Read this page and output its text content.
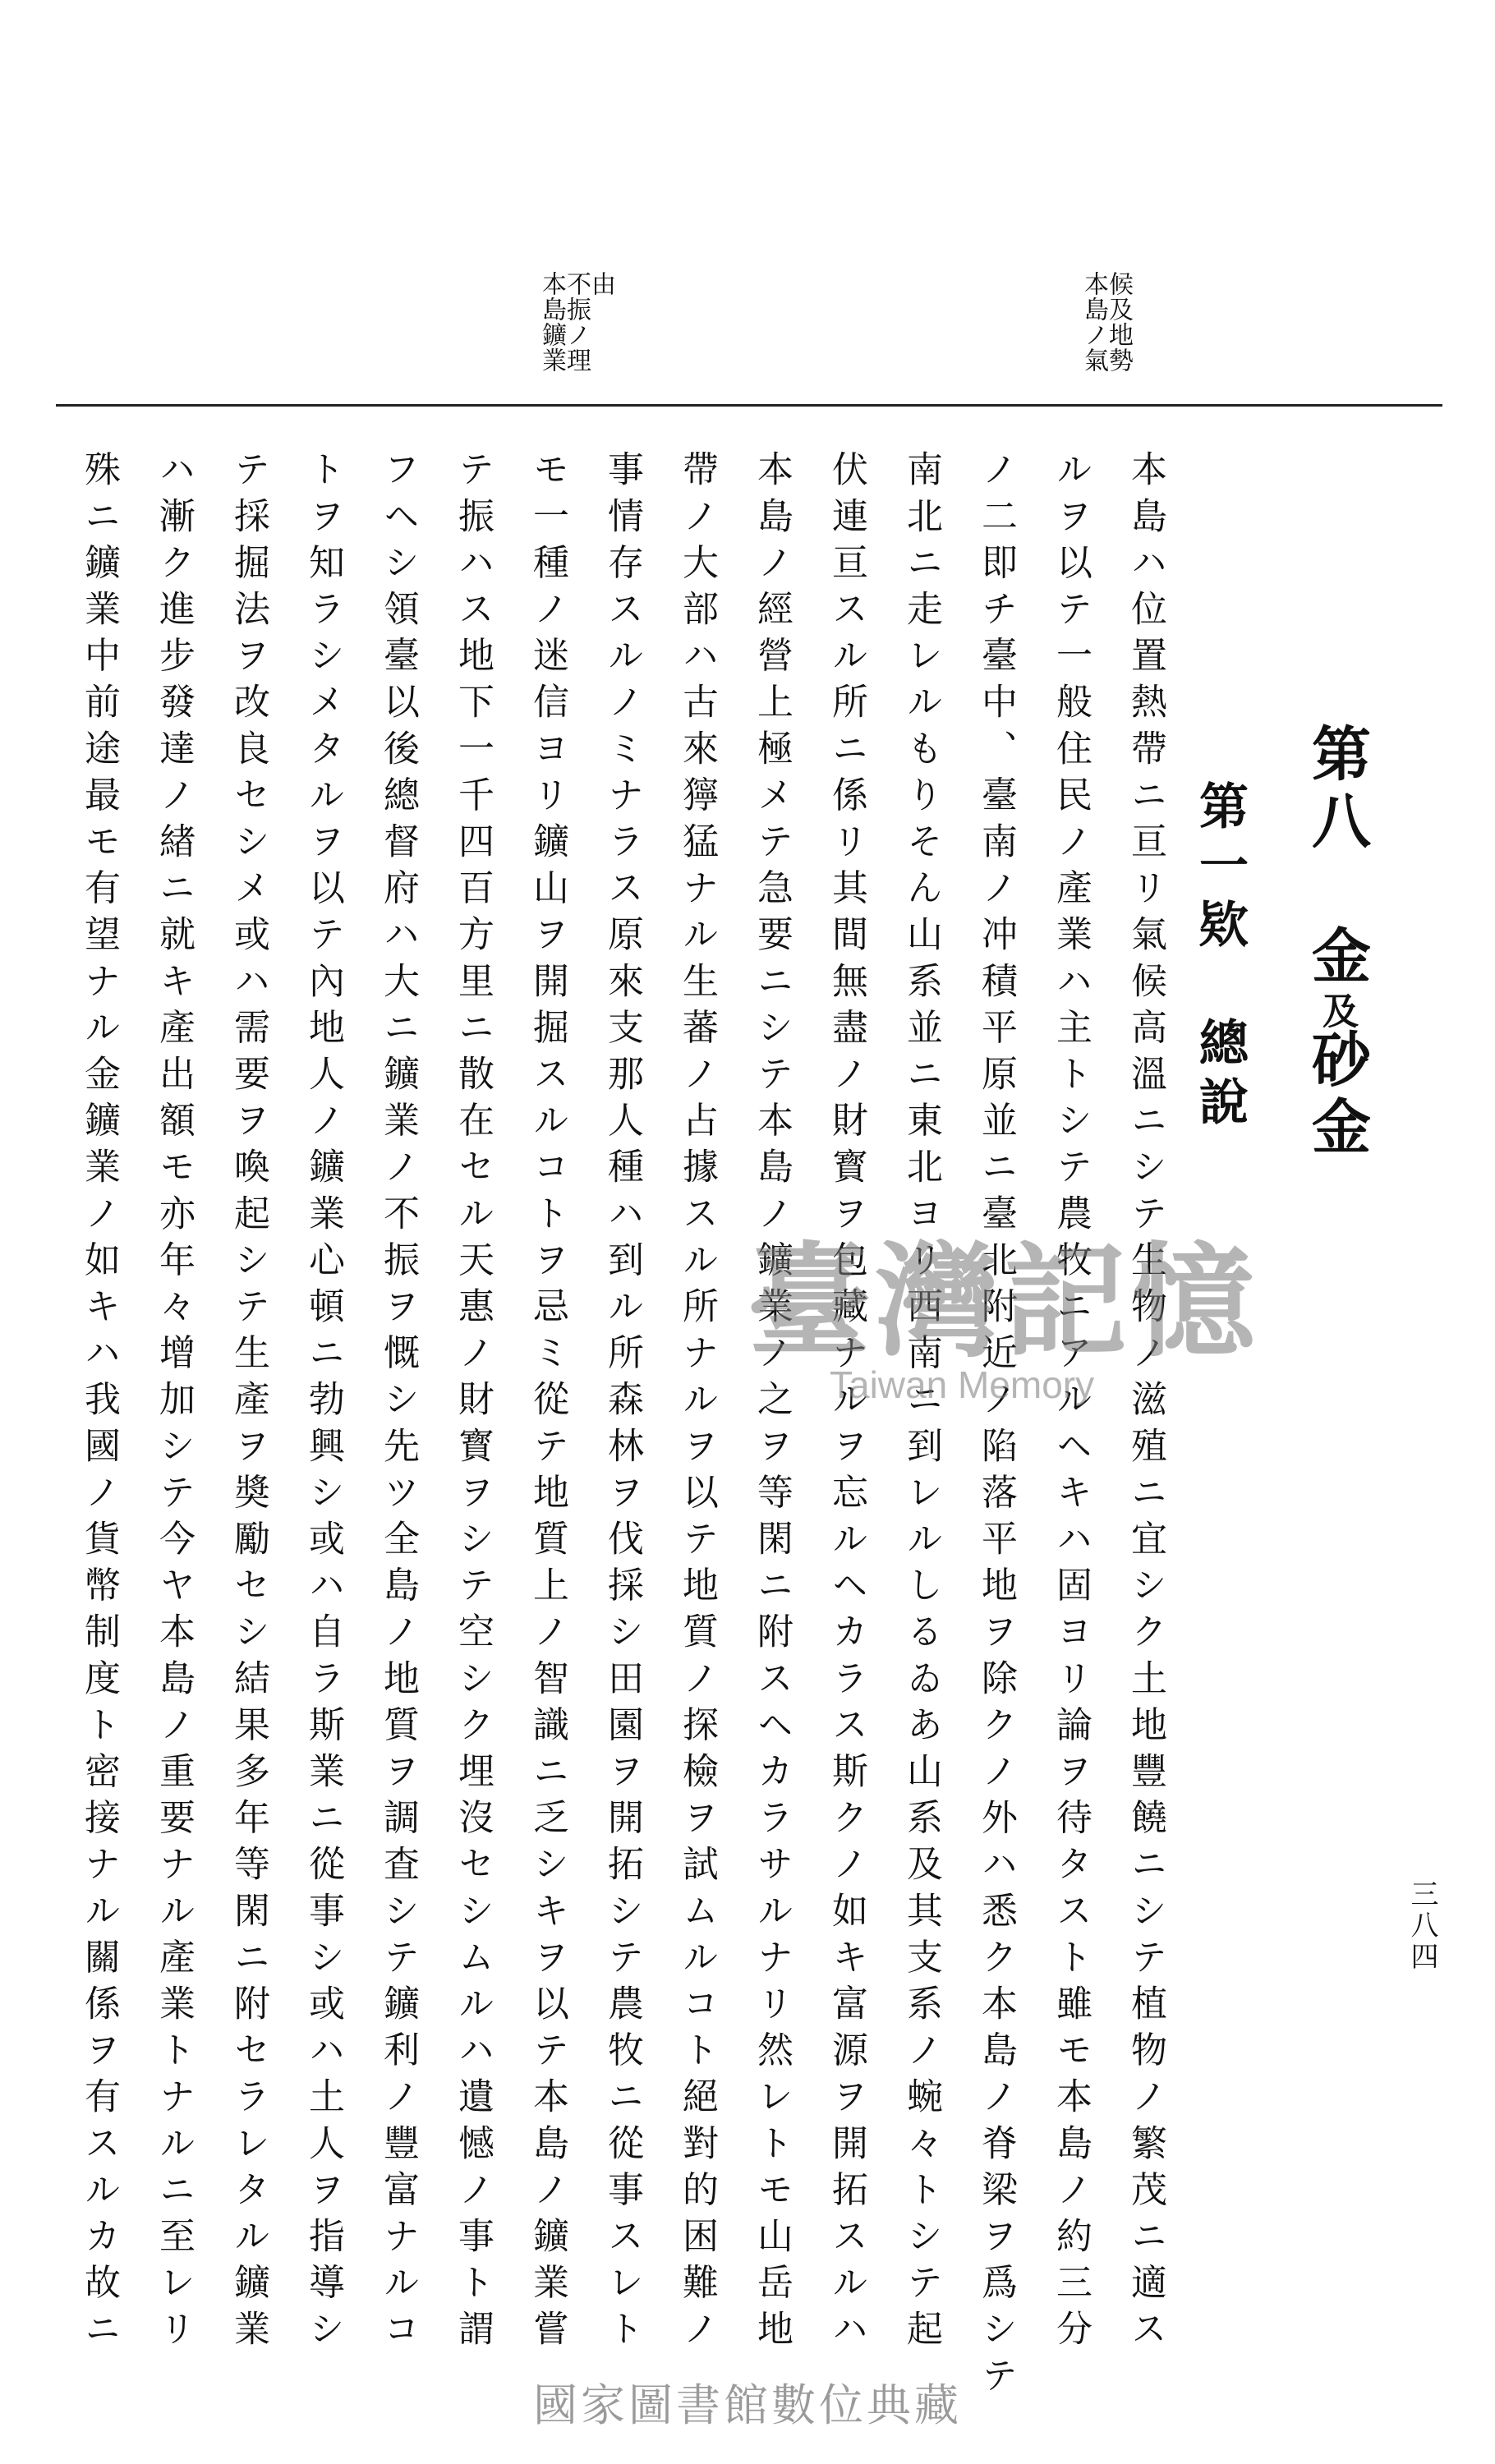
本島ノ氣候及地勢
本島鑛業不振ノ理由
第八　金及砂金
第一欵　總說
本島ハ位置熱帶ニ亘リ氣候高溫ニシテ生物ノ滋殖ニ宜シク土地豐饒ニシテ植物ノ繁茂ニ適ス
ルヲ以テ一般住民ノ產業ハ主トシテ農牧ニアルヘキハ固ヨリ論ヲ待タスト雖モ本島ノ約三分
ノ二即チ臺中、臺南ノ冲積平原並ニ臺北附近ノ陷落平地ヲ除クノ外ハ悉ク本島ノ脊梁ヲ爲シテ
南北ニ走レルもりそん山系並ニ東北ヨリ西南ニ到レルしるゐあ山系及其支系ノ蜿々トシテ起
伏連亘スル所ニ係リ其間無盡ノ財寳ヲ包藏ナルヲ忘ルヘカラス斯クノ如キ富源ヲ開拓スルハ
本島ノ經營上極メテ急要ニシテ本島ノ鑛業ノ之ヲ等閑ニ附スヘカラサルナリ然レトモ山岳地
帶ノ大部ハ古來獰猛ナル生蕃ノ占據スル所ナルヲ以テ地質ノ探檢ヲ試ムルコト絕對的困難ノ
事情存スルノミナラス原來支那人種ハ到ル所森林ヲ伐採シ田園ヲ開拓シテ農牧ニ從事スレト
モ一種ノ迷信ヨリ鑛山ヲ開掘スルコトヲ忌ミ從テ地質上ノ智識ニ乏シキヲ以テ本島ノ鑛業嘗
テ振ハス地下一千四百方里ニ散在セル天惠ノ財寳ヲシテ空シク埋沒セシムルハ遺憾ノ事ト謂
フヘシ領臺以後總督府ハ大ニ鑛業ノ不振ヲ慨シ先ツ全島ノ地質ヲ調査シテ鑛利ノ豐富ナルコ
トヲ知ラシメタルヲ以テ內地人ノ鑛業心頓ニ勃興シ或ハ自ラ斯業ニ從事シ或ハ土人ヲ指導シ
テ採掘法ヲ改良セシメ或ハ需要ヲ喚起シテ生產ヲ奬勵セシ結果多年等閑ニ附セラレタル鑛業
ハ漸ク進步發達ノ緖ニ就キ產出額モ亦年々增加シテ今ヤ本島ノ重要ナル產業トナルニ至レリ
殊ニ鑛業中前途最モ有望ナル金鑛業ノ如キハ我國ノ貨幣制度ト密接ナル關係ヲ有スルカ故ニ	三八四
臺灣記憶
Taiwan Memory
國家圖書館數位典藏
